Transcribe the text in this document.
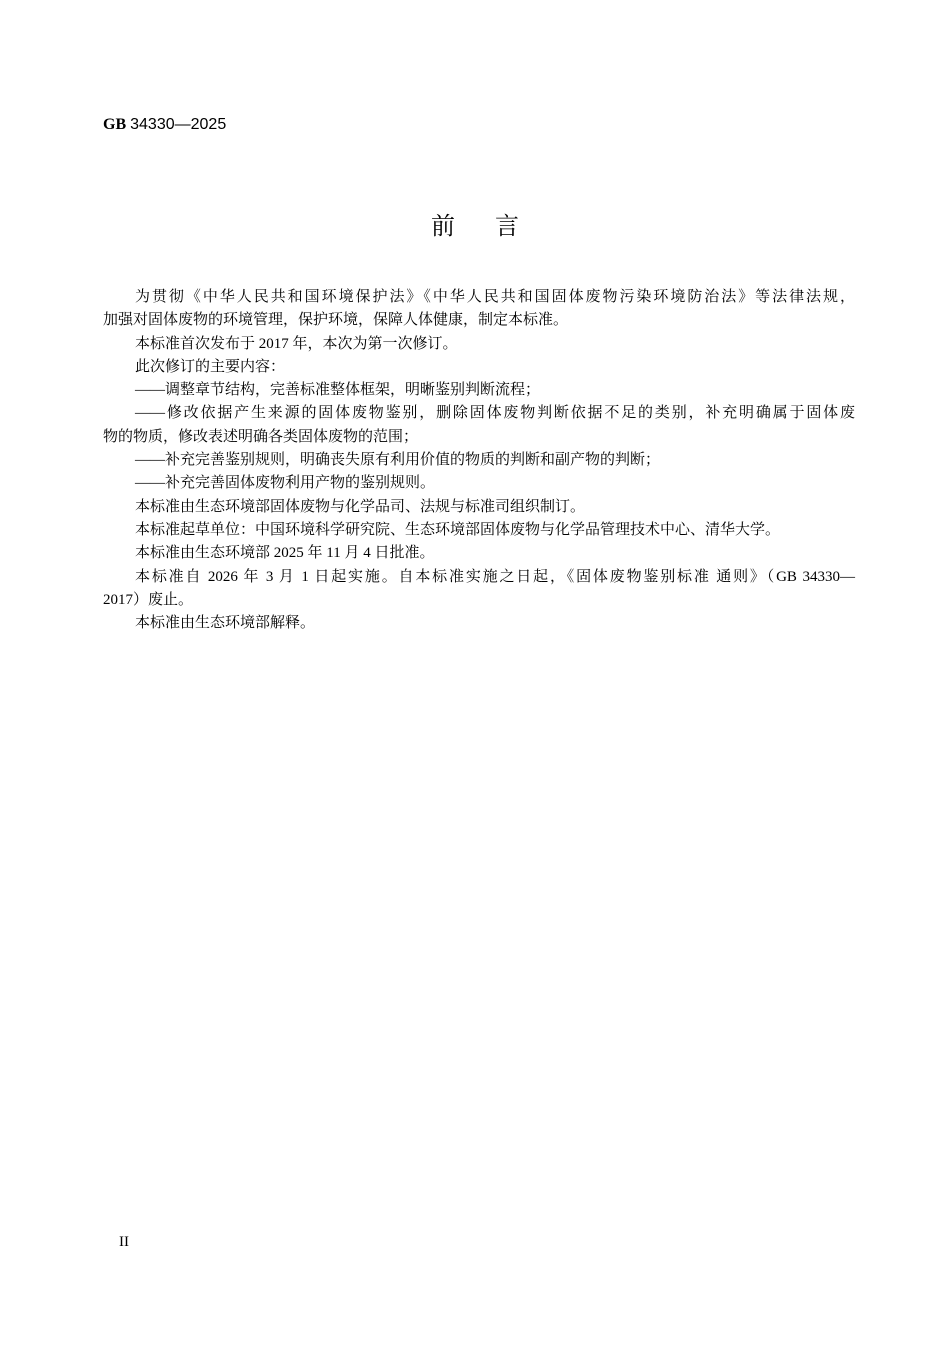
GB 34330—2025
前言
为贯彻《中华人民共和国环境保护法》《中华人民共和国固体废物污染环境防治法》等法律法规，
加强对固体废物的环境管理，保护环境，保障人体健康，制定本标准。
本标准首次发布于 2017 年，本次为第一次修订。
此次修订的主要内容：
——调整章节结构，完善标准整体框架，明晰鉴别判断流程；
——修改依据产生来源的固体废物鉴别，删除固体废物判断依据不足的类别，补充明确属于固体废
物的物质，修改表述明确各类固体废物的范围；
——补充完善鉴别规则，明确丧失原有利用价值的物质的判断和副产物的判断；
——补充完善固体废物利用产物的鉴别规则。
本标准由生态环境部固体废物与化学品司、法规与标准司组织制订。
本标准起草单位：中国环境科学研究院、生态环境部固体废物与化学品管理技术中心、清华大学。
本标准由生态环境部 2025 年 11 月 4 日批准。
本标准自 2026 年 3 月 1 日起实施。自本标准实施之日起，《固体废物鉴别标准 通则》（GB 34330—
2017）废止。
本标准由生态环境部解释。
II
